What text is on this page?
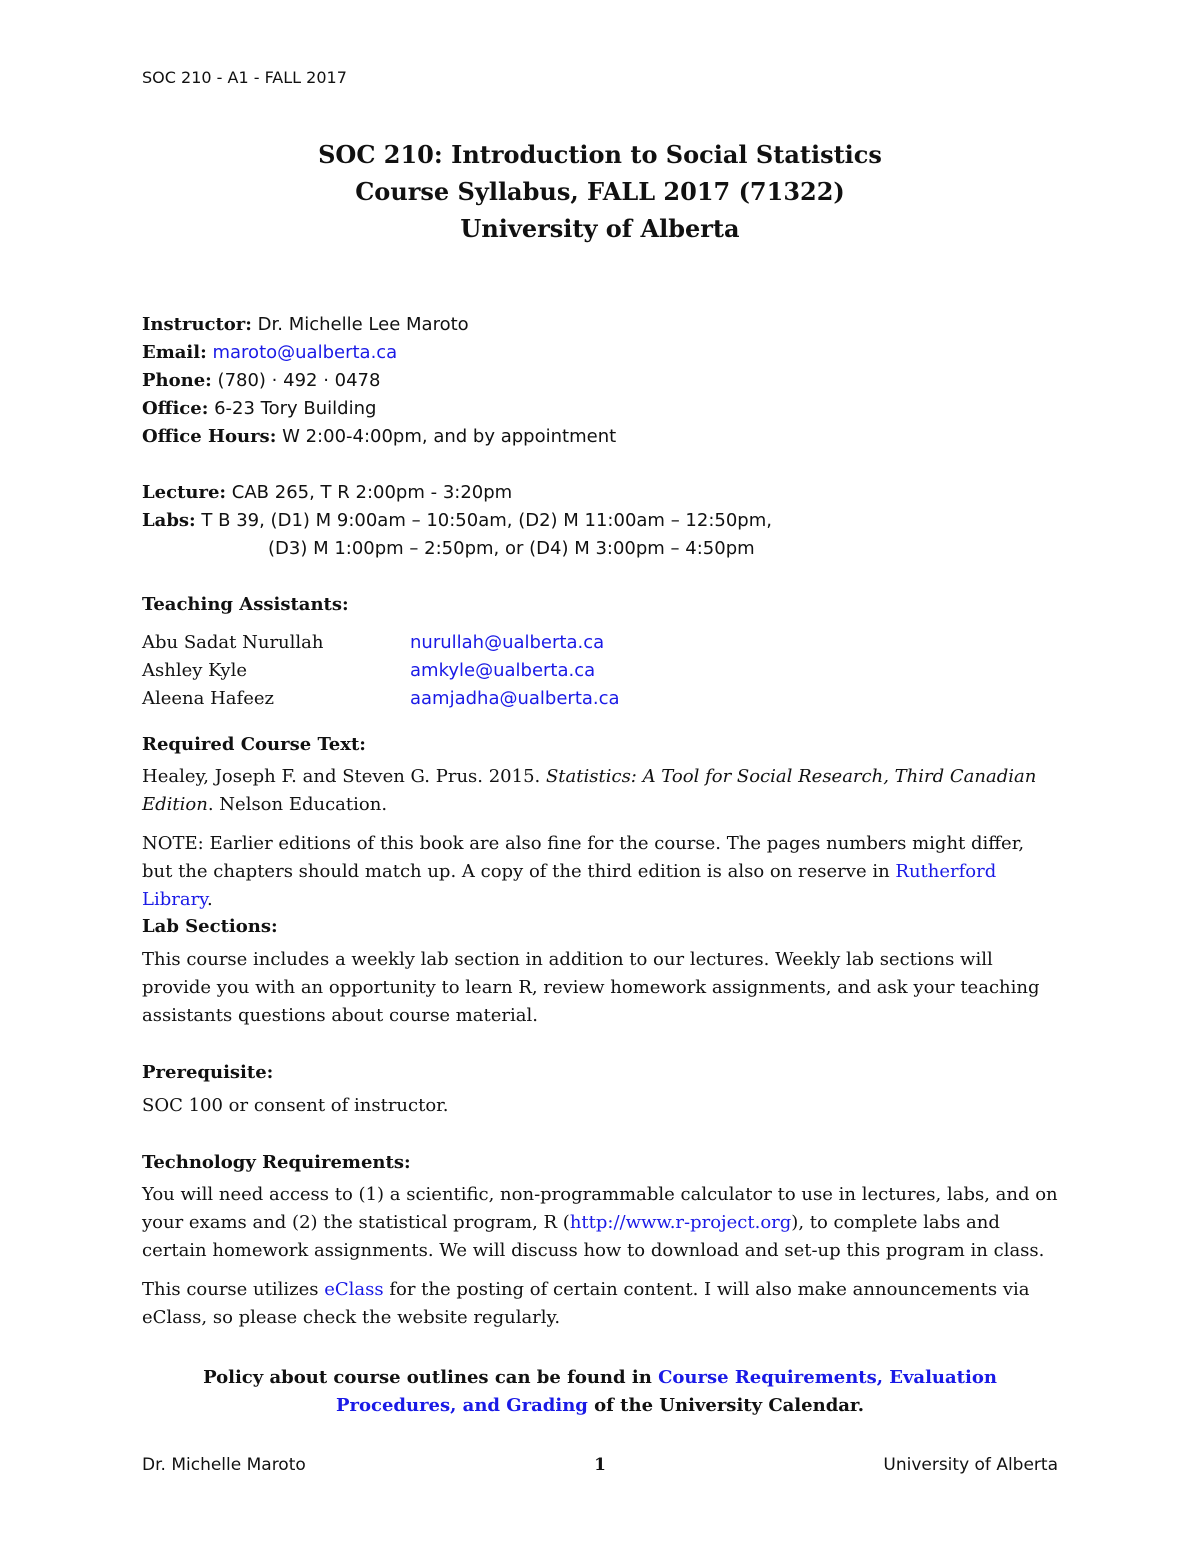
SOC 210 - A1 - FALL 2017
SOC 210: Introduction to Social Statistics
Course Syllabus, FALL 2017 (71322)
University of Alberta
Instructor: Dr. Michelle Lee Maroto
Email: maroto@ualberta.ca
Phone: (780) · 492 · 0478
Office: 6-23 Tory Building
Office Hours: W 2:00-4:00pm, and by appointment
Lecture: CAB 265, T R 2:00pm - 3:20pm
Labs: T B 39, (D1) M 9:00am – 10:50am, (D2) M 11:00am – 12:50pm,
(D3) M 1:00pm – 2:50pm, or (D4) M 3:00pm – 4:50pm
Teaching Assistants:
Abu Sadat Nurullah	nurullah@ualberta.ca
Ashley Kyle	amkyle@ualberta.ca
Aleena Hafeez	aamjadha@ualberta.ca
Required Course Text:
Healey, Joseph F. and Steven G. Prus. 2015. Statistics: A Tool for Social Research, Third Canadian Edition. Nelson Education.
NOTE: Earlier editions of this book are also fine for the course. The pages numbers might differ, but the chapters should match up. A copy of the third edition is also on reserve in Rutherford Library.
Lab Sections:
This course includes a weekly lab section in addition to our lectures. Weekly lab sections will provide you with an opportunity to learn R, review homework assignments, and ask your teaching assistants questions about course material.
Prerequisite:
SOC 100 or consent of instructor.
Technology Requirements:
You will need access to (1) a scientific, non-programmable calculator to use in lectures, labs, and on your exams and (2) the statistical program, R (http://www.r-project.org), to complete labs and certain homework assignments. We will discuss how to download and set-up this program in class.
This course utilizes eClass for the posting of certain content. I will also make announcements via eClass, so please check the website regularly.
Policy about course outlines can be found in Course Requirements, Evaluation Procedures, and Grading of the University Calendar.
Dr. Michelle Maroto	1	University of Alberta
